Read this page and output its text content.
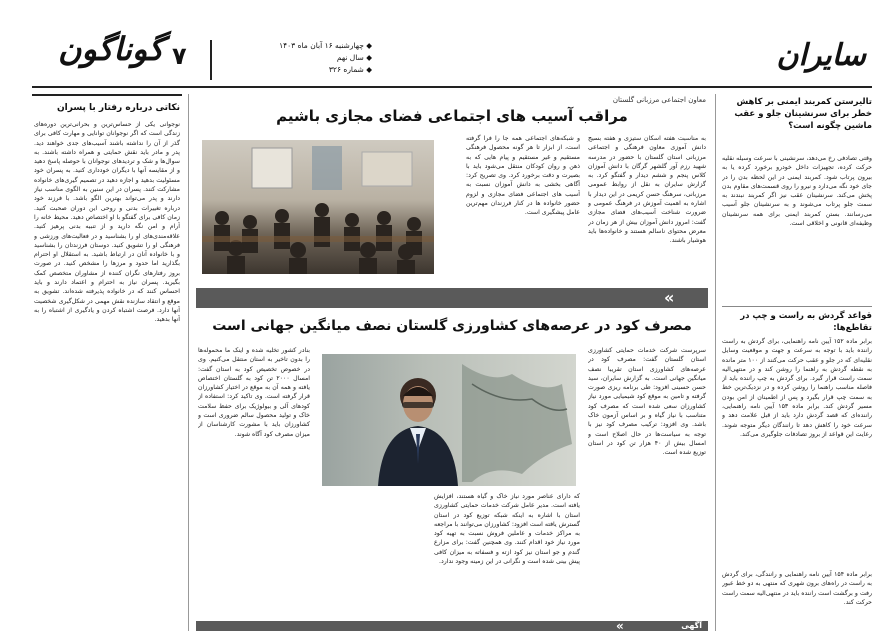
سایران
گوناگون ۷	◆ چهارشنبه ۱۶ آبان ماه ۱۴۰۳
◆ سال نهم
◆ شماره ۳۲۶
تالیرستن کمربند ایمنی بر کاهش خطر برای سرنشینان جلو و عقب ماشین چگونه است؟
وقتی تصادفی رخ می‌دهد، سرنشینی با سرعت وسیله نقلیه حرکت کرده، تجهیزات داخل خودرو برخورد کرده یا به بیرون پرتاب شود. کمربند ایمنی در این لحظه بدن را در جای خود نگه می‌دارد و نیرو را روی قسمت‌های مقاوم بدن پخش می‌کند. سرنشینان عقب نیز اگر کمربند نبندند به سمت جلو پرتاب می‌شوند و به سرنشینان جلو آسیب می‌رسانند. بستن کمربند ایمنی برای همه سرنشینان وظیفه‌ای قانونی و اخلاقی است.
قواعد گردش به راست و چپ در تقاطع‌ها:
برابر ماده ۱۵۲ آیین نامه راهنمایی، برای گردش به راست راننده باید با توجه به سرعت و جهت و موقعیت وسایل نقلیه‌ای که در جلو و عقب حرکت می‌کنند از ۱۰۰ متر مانده به نقطه گردش به راهنما را روشن کند و در منتهی‌الیه سمت راست قرار گیرد. برای گردش به چپ راننده باید از فاصله مناسب راهنما را روشن کرده و در نزدیک‌ترین خط به سمت چپ قرار بگیرد و پس از اطمینان از امن بودن مسیر گردش کند. برابر ماده ۱۵۳ آیین نامه راهنمایی، راننده‌ای که قصد گردش دارد باید از قبل علامت دهد و سرعت خود را کاهش دهد تا رانندگان دیگر متوجه شوند. رعایت این قواعد از بروز تصادفات جلوگیری می‌کند.
برابر ماده ۱۵۴ آیین نامه راهنمایی و رانندگی، برای گردش به راست در راه‌های برون شهری که منتهی به دو خط عبور رفت و برگشت است راننده باید در منتهی‌الیه سمت راست حرکت کند.
نکاتی درباره رفتار با پسران
نوجوانی یکی از حساس‌ترین و بحرانی‌ترین دوره‌های زندگی است که اگر نوجوانان توانایی و مهارت کافی برای گذر از آن را نداشته باشند آسیب‌های جدی خواهند دید. پدر و مادر باید نقش حمایتی و همراه داشته باشند. به سوال‌ها و شک و تردیدهای نوجوانان با حوصله پاسخ دهید و از مقایسه آنها با دیگران خودداری کنید. به پسران خود مسئولیت بدهید و اجازه دهید در تصمیم گیری‌های خانواده مشارکت کنند. پسران در این سنین به الگوی مناسب نیاز دارند و پدر می‌تواند بهترین الگو باشد. با فرزند خود درباره تغییرات بدنی و روحی این دوران صحبت کنید. زمان کافی برای گفتگو با او اختصاص دهید. محیط خانه را آرام و امن نگه دارید و از تنبیه بدنی پرهیز کنید. علاقه‌مندی‌های او را بشناسید و در فعالیت‌های ورزشی و فرهنگی او را تشویق کنید. دوستان فرزندتان را بشناسید و با خانواده آنان در ارتباط باشید. به استقلال او احترام بگذارید اما حدود و مرزها را مشخص کنید. در صورت بروز رفتارهای نگران کننده از مشاوران متخصص کمک بگیرید. پسران نیاز به احترام و اعتماد دارند و باید احساس کنند که در خانواده پذیرفته شده‌اند. تشویق به موقع و انتقاد سازنده نقش مهمی در شکل‌گیری شخصیت آنها دارد. فرصت اشتباه کردن و یادگیری از اشتباه را به آنها بدهید.
معاون اجتماعی مرزبانی گلستان
مراقب آسیب های اجتماعی فضای مجازی باشیم
به مناسبت هفته اسکان ستیزی و هفته بسیج دانش آموزی معاون فرهنگی و اجتماعی مرزبانی استان گلستان با حضور در مدرسه شهید رزم آور گلشهر گرگان با دانش آموزان کلاس پنجم و ششم دیدار و گفتگو کرد. به گزارش سایران به نقل از روابط عمومی مرزبانی، سرهنگ حسن کریمی در این دیدار با اشاره به اهمیت آموزش در فرهنگ عمومی و ضرورت شناخت آسیب‌های فضای مجازی گفت: امروز دانش آموزان بیش از هر زمان در معرض محتوای ناسالم هستند و خانواده‌ها باید هوشیار باشند.
و شبکه‌های اجتماعی همه جا را فرا گرفته است، از ابزار تا هر گونه محصول فرهنگی مستقیم و غیر مستقیم و پیام هایی که به ذهن و روان کودکان منتقل می‌شود باید با بصیرت و دقت برخورد کرد. وی تصریح کرد: آگاهی بخشی به دانش آموزان نسبت به آسیب های اجتماعی فضای مجازی و لزوم حضور خانواده ها در کنار فرزندان مهم‌ترین عامل پیشگیری است.
«
مصرف کود در عرصه‌های کشاورزی گلستان نصف میانگین جهانی است
سرپرست شرکت خدمات حمایتی کشاورزی استان گلستان گفت: مصرف کود در عرصه‌های کشاورزی استان تقریبا نصف میانگین جهانی است. به گزارش سایران، سید حسن حسینی افزود: طی برنامه ریزی صورت گرفته و تامین به موقع کود شیمیایی مورد نیاز کشاورزان سعی شده است که مصرف کود متناسب با نیاز گیاه و بر اساس آزمون خاک باشد. وی افزود: ترکیب مصرف کود نیز با توجه به سیاست‌ها در حال اصلاح است و امسال بیش از ۴۰ هزار تن کود در استان توزیع شده است.
که دارای عناصر مورد نیاز خاک و گیاه هستند، افزایش یافته است. مدیر عامل شرکت خدمات حمایتی کشاورزی استان با اشاره به اینکه شبکه توزیع کود در استان گسترش یافته است افزود: کشاورزان می‌توانند با مراجعه به مراکز خدمات و عاملین فروش نسبت به تهیه کود مورد نیاز خود اقدام کنند. وی همچنین گفت: برای مزارع گندم و جو استان نیز کود ازته و فسفاته به میزان کافی پیش بینی شده است و نگرانی در این زمینه وجود ندارد.
بنادر کشور تخلیه شده و اینک ما محموله‌ها را بدون تاخیر به استان منتقل می‌کنیم. وی در خصوص تخصیص کود به استان گفت: امسال ۲۰۰۰ تن کود به گلستان اختصاص یافته و همه آن به موقع در اختیار کشاورزان قرار گرفته است. وی تاکید کرد: استفاده از کودهای آلی و بیولوژیک برای حفظ سلامت خاک و تولید محصول سالم ضروری است و کشاورزان باید با مشورت کارشناسان از میزان مصرف کود آگاه شوند.
آگهی
«
